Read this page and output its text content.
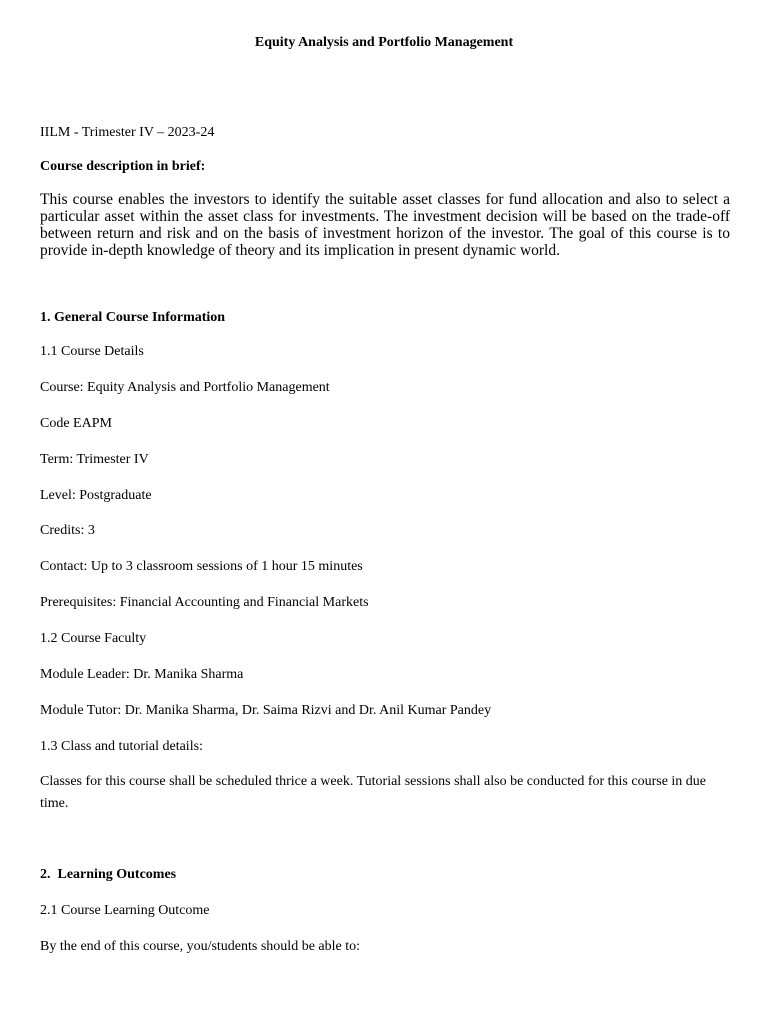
Equity Analysis and Portfolio Management
IILM - Trimester IV – 2023-24
Course description in brief:
This course enables the investors to identify the suitable asset classes for fund allocation and also to select a particular asset within the asset class for investments. The investment decision will be based on the trade-off between return and risk and on the basis of investment horizon of the investor. The goal of this course is to provide in-depth knowledge of theory and its implication in present dynamic world.
1. General Course Information
1.1 Course Details
Course: Equity Analysis and Portfolio Management
Code EAPM
Term: Trimester IV
Level: Postgraduate
Credits: 3
Contact: Up to 3 classroom sessions of 1 hour 15 minutes
Prerequisites: Financial Accounting and Financial Markets
1.2 Course Faculty
Module Leader: Dr. Manika Sharma
Module Tutor: Dr. Manika Sharma, Dr. Saima Rizvi and Dr. Anil Kumar Pandey
1.3 Class and tutorial details:
Classes for this course shall be scheduled thrice a week. Tutorial sessions shall also be conducted for this course in due time.
2.  Learning Outcomes
2.1 Course Learning Outcome
By the end of this course, you/students should be able to:
